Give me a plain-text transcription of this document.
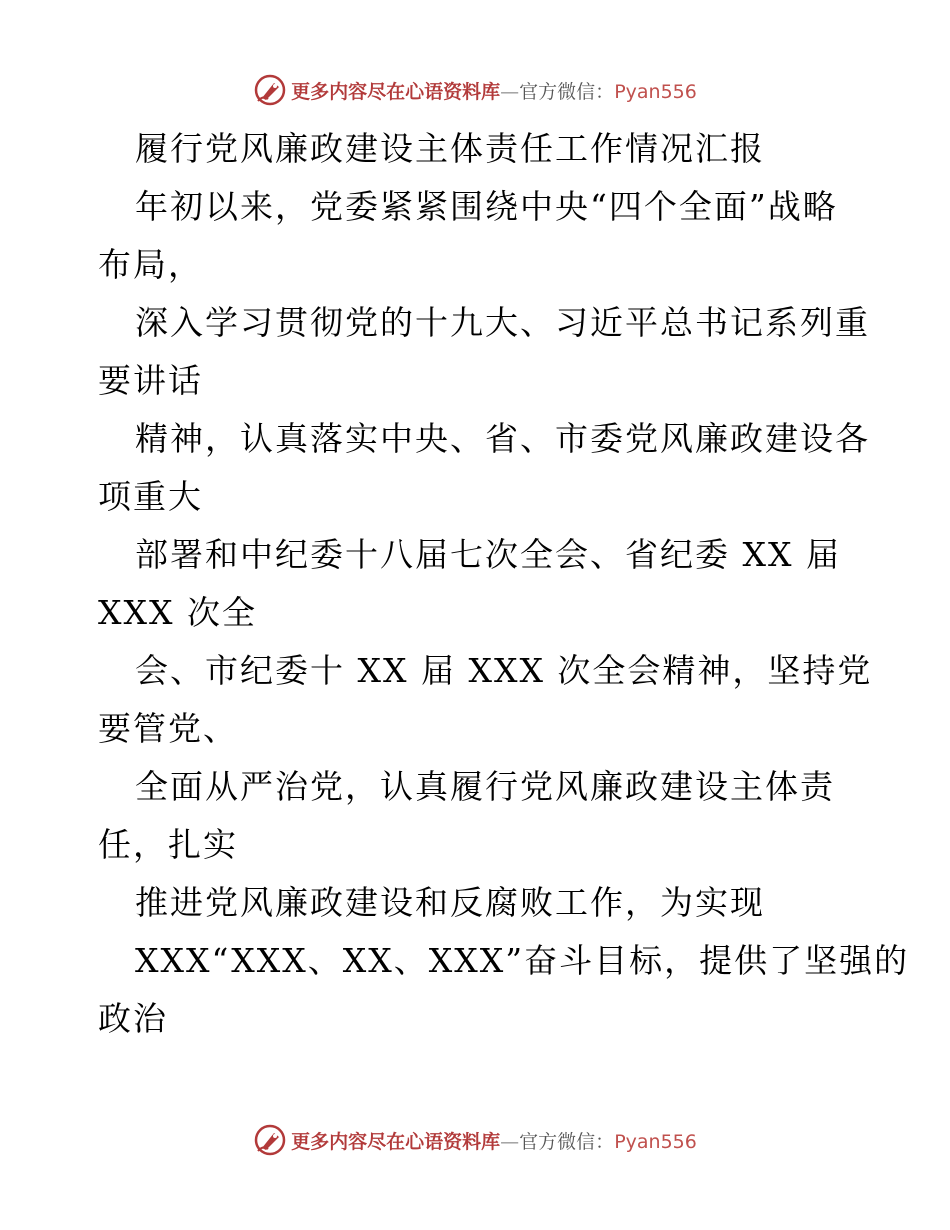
更多内容尽在心语资料库—官方微信：Pyan556
履行党风廉政建设主体责任工作情况汇报
年初以来，党委紧紧围绕中央“四个全面”战略
布局，
深入学习贯彻党的十九大、习近平总书记系列重
要讲话
精神，认真落实中央、省、市委党风廉政建设各
项重大
部署和中纪委十八届七次全会、省纪委 XX 届
XXX 次全
会、市纪委十 XX 届 XXX 次全会精神，坚持党
要管党、
全面从严治党，认真履行党风廉政建设主体责
任，扎实
推进党风廉政建设和反腐败工作，为实现
XXX“XXX、XX、XXX”奋斗目标，提供了坚强的
政治
更多内容尽在心语资料库—官方微信：Pyan556
